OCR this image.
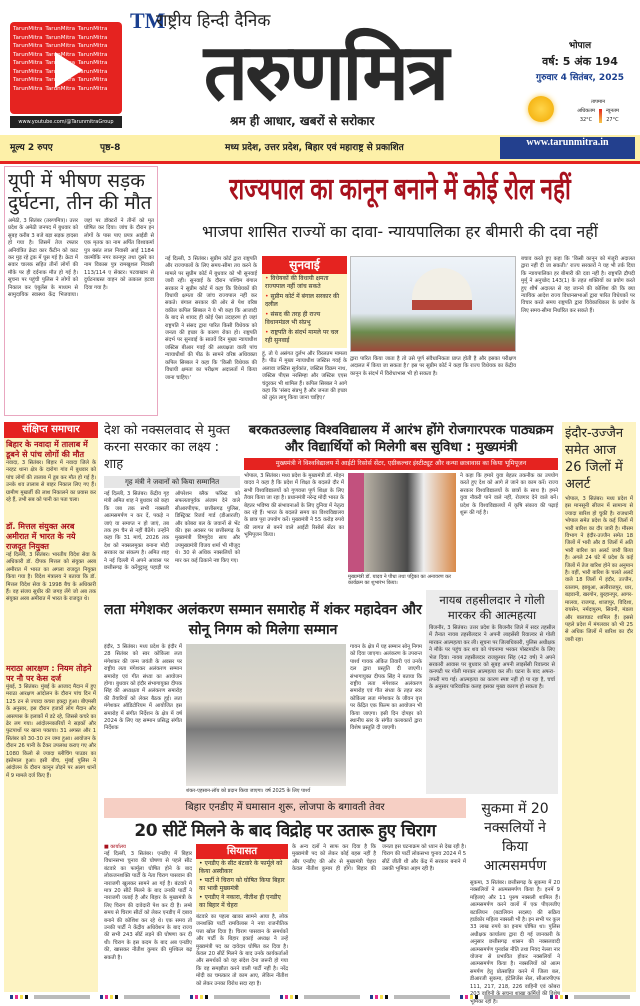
TarunMitra TarunMitra TarunMitra TarunMitra TarunMitra TarunMitra TarunMitra TarunMitra TarunMitra TarunMitra TarunMitra TarunMitra TarunMitra TarunMitra TarunMitra TarunMitra TarunMitra TarunMitra TarunMitra TarunMitra TarunMitra TarunMitra TarunMitra TarunMitra
www.youtube.com/@TarunmitraGroup
TM
राष्ट्रीय हिन्दी दैनिक
तरुणमित्र
श्रम ही आधार, खबरों से सरोकार
भोपाल
वर्ष: 5 अंक 194
गुरुवार 4 सितंबर, 2025
तापमान
अधिकतम
32°C
न्यूनतम
27°C
मूल्य 2 रुपए	पृष्ठ-8	मध्य प्रदेश, उत्तर प्रदेश, बिहार एवं महाराष्ट्र से प्रकाशित	www.tarunmitra.in
यूपी में भीषण सड़क दुर्घटना, तीन की मौत
अमेठी, 3 सितंबर (तरुणमित्र)। उत्तर प्रदेश के अमेठी जनपद में बुधवार को सुबह करीब 3 बजे बड़ा सड़क हादसा हो गया है। जिसमें तेज रफ्तार अनियंत्रित क्रेटा कार कैंटीन को काट कर मुड़ रहे ट्रक में घुस गई है। क्रेटा में सवार चालक सहित तीनों लोगों की मौके पर ही दर्दनाक मौत हो गई है। सूचना पर पहुंची पुलिस ने लोगों को निकाल कर एंबुलेंस के माध्यम से सामुदायिक स्वास्थ्य केंद्र भिजवाया। जहां पर डॉक्टरों ने तीनों को मृत घोषित कर दिया। जांच के दौरान इन लोगों के पास पाए प्रपत्र आईडी से एक मृतक का नाम अर्पित विश्वकर्मा पुत्र बसंत लाल निवासी आई 1184 वाल्मीकि नगर कानपुर तथा दूसरे का नाम विकास पुत्र रामखुशल निवासी 113/114 ए सेक्टर। पटवाखान से दुर्घटनाग्रस्त वाहन को तत्काल हटवा दिया गया है।
राज्यपाल का कानून बनाने में कोई रोल नहीं
भाजपा शासित राज्यों का दावा- न्यायपालिका हर बीमारी की दवा नहीं
नई दिल्ली, 3 सितंबर। सुप्रीम कोर्ट द्वारा राष्ट्रपति और राज्यपालों के लिए समय-सीमा तय करने के मामले पर सुप्रीम कोर्ट में बुधवार को भी सुनवाई जारी रही। सुनवाई के दौरान पश्चिम बंगाल सरकार ने सुप्रीम कोर्ट में कहा कि विधेयकों की विधायी क्षमता की जांच राज्यपाल नहीं कर सकते। बंगाल सरकार की ओर से पेश वरिष्ठ वकील कपिल सिब्बल ने ये भी कहा कि आजादी के बाद से शायद ही कोई ऐसा उदाहरण हो जहां राष्ट्रपति ने संसद द्वारा पारित किसी विधेयक को जनता की इच्छा के कारण रोका हो। राष्ट्रपति संदर्भ पर सुनवाई के सातवें दिन मुख्य न्यायाधीश जस्टिस बीआर गवई की अध्यक्षता वाली पांच न्यायाधीशों की पीठ के सामने वरिष्ठ अधिवक्ता कपिल सिब्बल ने कहा कि 'किसी विधेयक की विधायी क्षमता का परीक्षण अदालतों में किया जाना चाहिए।'
सुनवाई
• विधेयकों की विधायी क्षमता राज्यपाल नहीं जांच सकते
• सुप्रीम कोर्ट में बंगाल सरकार की दलील
• संसद की तरह ही राज्य विधानमंडल भी संप्रभु
• राष्ट्रपति के संदर्भ मामले पर चल रही सुनवाई
हूं, तो ये असंगत दुर्लभ और विरलतम मामला है। पीठ में मुख्य न्यायाधीश जस्टिस गवई के अलावा जस्टिस सूर्यकांत, जस्टिस विक्रम नाथ, जस्टिस पीएस नरसिम्हा और जस्टिस एएस चंदुरकर भी शामिल हैं। कपिल सिब्बल ने आगे कहा कि 'संसद संप्रभु है और जनता की इच्छा को तुरंत लागू किया जाना चाहिए।'
द्वारा पारित किया जाता है तो उसे पूर्ण संवैधानिकता प्राप्त होती है और इसका परीक्षण अदालत में किया जा सकता है।' इस पर सुप्रीम कोर्ट ने कहा कि राज्य विधेयक का केंद्रीय कानून के संदर्भ में विरोधाभास भी हो सकता है।
बचाव करते हुए कहा कि 'किसी कानून को मंजूरी अदालत द्वारा नहीं दी जा सकती।' राज्य सरकारों ने यह भी तर्क दिया कि न्यायपालिका हर बीमारी की दवा नहीं है। राष्ट्रपति द्रौपदी मुर्मू ने अनुच्छेद 143(1) के तहत शक्तियों का प्रयोग करते हुए शीर्ष अदालत से यह जानने की कोशिश की कि क्या न्यायिक आदेश राज्य विधानसभाओं द्वारा पारित विधेयकों पर विचार करते समय राष्ट्रपति द्वारा विवेकाधिकार के प्रयोग के लिए समय-सीमा निर्धारित कर सकते हैं।
संक्षिप्त समाचार
बिहार के नवादा में तालाब में डूबने से पांच लोगों की मौत
नवादा, 3 सितंबर। बिहार में नवादा जिले के नरहट थाना क्षेत्र के दारोगा गांव में बुधवार को पांच लोगों की तालाब में डूब कर मौत हो गई है। उनके शव तालाब से बाहर निकाल लिए गए हैं। ग्रामीण मुखर्जी की लाश निकालने का प्रयास कर रहे हैं, तभी सब को पानी का पता चला।
डॉ. मित्तल संयुक्त अरब अमीरात में भारत के नये राजदूत नियुक्त
नई दिल्ली, 3 सितंबर। भारतीय विदेश सेवा के अधिकारी डॉ. दीपक मित्तल को संयुक्त अरब अमीरात में भारत का अगला राजदूत नियुक्त किया गया है। विदेश मंत्रालय ने बताया कि डॉ. मित्तल विदेश सेवा के 1998 बैच के अधिकारी हैं। वह संजय सुधीर की जगह लेंगे जो अब तक संयुक्त अरब अमीरात में भारत के राजदूत थे।
मराठा आरक्षण : नियम तोड़ने पर नौ पर केस दर्ज
मुंबई, 3 सितंबर। मुंबई के आजाद मैदान में हुए मराठा आरक्षण आंदोलन के दौरान पांच दिन में 125 टन से ज्यादा कचरा इकट्ठा हुआ। बीएमसी के अनुसार, इस दौरान हजारों लोग मैदान और आसपास के इलाकों में डटे रहे, जिससे कचरे का ढेर लग गया। आंदोलनकारियों ने सड़कों और फुटपाथों पर खाना पकाया। 31 अगस्त और 1 सितंबर को 30-30 टन जमा हुआ। आयोजन के दौरान 26 पानी के टैंकर उपलब्ध कराए गए और 1080 किलो से ज्यादा ब्लीचिंग पाउडर का इस्तेमाल हुआ। इसी बीच, मुंबई पुलिस ने आंदोलन के दौरान कानून तोड़ने पर अलग थानों में 9 मामले दर्ज किए हैं।
देश को नक्सलवाद से मुक्त करना सरकार का लक्ष्य : शाह
गृह मंत्री ने जवानों को किया सम्मानित
नई दिल्ली, 3 सितंबर। केंद्रीय गृह मंत्री अमित शाह ने बुधवार को कहा कि जब तक सभी नक्सली आत्मसमर्पण न कर दें, पकड़े न जाएं या समाप्त न हो जाएं, तब तक हम चैन से नहीं बैठेंगे। उन्होंने कहा कि 31 मार्च, 2026 तक देश को नक्सलमुक्त बनाना मोदी सरकार का संकल्प है। अमित शाह ने नई दिल्ली में अपने आवास पर छत्तीसगढ़ के कर्रेगुट्टालु पहाड़ी पर ऑपरेशन ब्लैक फॉरेस्ट को सफलतापूर्वक अंजाम देने वाले सीआरपीएफ, छत्तीसगढ़ पुलिस, डिस्ट्रिक्ट रिजर्व गार्ड (डीआरजी) और कोबरा बल के जवानों से भेंट की। इस अवसर पर छत्तीसगढ़ के मुख्यमंत्री विष्णुदेव साय और उपमुख्यमंत्री विजय शर्मा भी मौजूद थे। 30 से अधिक नक्सलियों को मार कर कई ठिकाने नष्ट किए गए।
बरकतउल्लाह विश्वविद्यालय में आरंभ होंगे रोजगारपरक पाठ्यक्रम और विद्यार्थियों को मिलेगी बस सुविधा : मुख्यमंत्री
मुख्यमंत्री ने विश्वविद्यालय में आईटी रिसोर्स सेंटर, एग्रीकल्चर इंस्टीट्यूट और कन्या छात्रावास का किया भूमिपूजन
भोपाल, 3 सितंबर। मध्य प्रदेश के मुख्यमंत्री डॉ. मोहन यादव ने कहा है कि प्रदेश में शिक्षा के बदलते दौर में सभी विश्वविद्यालयों को गुणवत्ता पूर्ण शिक्षा के लिए तैयार किया जा रहा है। प्रधानमंत्री नरेन्द्र मोदी भारत के बेहतर भविष्य की संभावनाओं के लिए दुनिया में नेतृत्व कर रहे हैं। भारत के बदलते समय का विश्वविद्यालय के छात्र पूरा उपयोग करें। मुख्यमंत्री ने 55 करोड़ रुपये की लागत से बनने वाले आईटी रिसोर्स सेंटर का भूमिपूजन किया।
मुख्यमंत्री डॉ. यादव ने पौधा तथा पट्टिका का अनावरण कर कार्यक्रम का शुभारंभ किया।
ने कहा कि हमारे युवा बेहतर तकनीक का उपयोग करते हुए देश को आगे ले जाने का काम करें। राज्य सरकार विश्वविद्यालयों के छात्रों के साथ है। हमने युवा नौकरी पाने वाले नहीं, रोजगार देने वाले बनें। प्रदेश के विश्वविद्यालयों में कृषि संकाय की पढ़ाई शुरू की गई है।
इंदौर-उज्जैन समेत आज 26 जिलों में अलर्ट
भोपाल, 3 सितंबर। मध्य प्रदेश में इस मानसूनी सीजन में सामान्य से ज्यादा बारिश हो चुकी है। राजधानी भोपाल समेत प्रदेश के कई जिलों में भारी बारिश का दौर जारी है। मौसम विभाग ने इंदौर-उज्जैन समेत 18 जिलों में भारी और 8 जिलों में अति भारी बारिश का अलर्ट जारी किया है। अगले 24 घंटे में प्रदेश के कई जिलों में तेज बारिश होने का अनुमान है। वहीं, भारी बारिश के चलते अलर्ट वाले 18 जिलों में इंदौर, उज्जैन, रतलाम, झाबुआ, अलीराजपुर, धार, बड़वानी, खरगोन, बुरहानपुर, आगर-मालवा, राजगढ़, शाजापुर, विदिशा, रायसेन, नर्मदापुरम, सिवनी, मंडला और बालाघाट शामिल हैं। इससे पहले प्रदेश में मंगलवार को भी 25 से अधिक जिलों में बारिश का दौर जारी रहा।
लता मंगेशकर अलंकरण सम्मान समारोह में शंकर महादेवन और सोनू निगम को मिलेगा सम्मान
इंदौर, 3 सितंबर। मध्य प्रदेश के इंदौर में 28 सितंबर को स्वर कोकिला लता मंगेशकर की जन्म जयंती के अवसर पर राष्ट्रीय लता मंगेशकर अलंकरण सम्मान समारोह एवं गीत संध्या का आयोजन होगा। बुधवार को इंदौर संभागायुक्त दीपक सिंह की अध्यक्षता में अलंकरण समारोह की तैयारियों को लेकर बैठक हुई। लता मंगेशकर ऑडिटोरियम में आयोजित इस समारोह में संगीत निर्देशन के क्षेत्र में वर्ष 2024 के लिए यह सम्मान प्रसिद्ध संगीत निर्देशक
शंकर-एहसान-लॉय को प्रदान किया जाएगा। वर्ष 2025 के लिए पार्श्व
गायन के क्षेत्र में यह सम्मान सोनू निगम को दिया जाएगा। अलंकरण के उपरान्त पार्श्व गायक अंकित तिवारी एवं उनके दल द्वारा प्रस्तुति दी जाएगी। संभागायुक्त दीपक सिंह ने बताया कि राष्ट्रीय लता मंगेशकर अलंकरण समारोह एवं गीत संध्या के तहत स्वर कोकिला लता मंगेशकर के जीवन वृत्त पर केंद्रित एक फ़िल्म का आयोजन भी किया जाएगा। इसी दिन दोपहर को स्थानीय स्तर के संगीत कलाकारों द्वारा विशेष प्रस्तुति दी जाएगी।
नायब तहसीलदार ने गोली मारकर की आत्महत्या
बिजनौर, 3 सितंबर। उत्तर प्रदेश के बिजनौर जिले में सदर तहसील में तैनात नायब तहसीलदार ने अपनी लाइसेंसी रिवाल्वर से गोली मारकर आत्महत्या कर ली। सूचना पर जिलाधिकारी, पुलिस अधीक्षक ने मौके पर पहुंच कर शव को पंचनामा भरकर पोस्टमार्टम के लिए भेज दिया। नायब तहसीलदार राजकुमार सिंह (42 वर्ष) ने अपने सरकारी आवास पर बुधवार को सुबह अपनी लाइसेंसी रिवाल्वर से कनपटी पर गोली मारकर आत्महत्या कर ली। घटना के बाद अफरा-तफरी मच गई। आत्महत्या का कारण स्पष्ट नहीं हो पा रहा है, चर्चा के अनुसार पारिवारिक कलह इसका मुख्य कारण हो सकता है।
बिहार एनडीए में घमासान शुरू, लोजपा के बगावती तेवर
20 सीटें मिलने के बाद विद्रोह पर उतारू हुए चिराग
■ कार्यालय
नई दिल्ली, 3 सितंबर। एनडीए में बिहार विधानसभा चुनाव की घोषणा से पहले सीट बंटवारे का फार्मूला घोषित होने के बाद लोकजनशक्ति पार्टी के नेता चिराग पासवान की नाराजगी खुलकर सामने आ गई है। बंटवारे में मात्र 20 सीटें मिलने के बाद उनकी पार्टी ने नाराजगी जताई है और बिहार के मुख्यमंत्री के लिए चिराग की दावेदारी पेश कर दी है। लम्बे समय से चिराग सीटों को लेकर एनडीए में दबाव बनाने की कोशिश कर रहे थे। एक समय तो उनकी पार्टी ने केंद्रीय अधिवेशन के बाद राज्य की सभी 243 सीटें लड़ने की घोषणा कर दी थी। चिराग के इस कदम के बाद अब एनडीए की, खासकर नीतीश कुमार की मुश्किल बढ़ सकती है।
सियासत
• एनडीए के सीट बंटवारे के फार्मूले को किया अस्वीकार
• पार्टी ने चिराग को घोषित किया बिहार का भावी मुख्यमंत्री
• एनडीए ने नकारा, नीतीश ही एनडीए का बिहार में चेहरा
बंटवारे का पहला खाका सामने आया है, लोक जनशक्ति पार्टी रामविलास ने नया राजनीतिक पत्ता खोल दिया है। चिराग पासवान के समर्थकों और पार्टी के बिहार इकाई अध्यक्ष ने उन्हें मुख्यमंत्री पद का दावेदार घोषित कर दिया है। केवल 20 सीटें मिलने के बाद उनके कार्यकर्ताओं और समर्थकों को यह संदेश देना जरूरी हो गया कि वह समझौता करने वाली पार्टी नहीं है। नरेंद्र मोदी का चमत्कार तो काम आए, लेकिन नीतीश को लेकर उनका विरोध सदा रहा है।
के अन्य दलों ने साफ कर दिया है कि मुख्यमंत्री पद को लेकर कोई बहस नहीं है और एनडीए की ओर से मुख्यमंत्री चेहरा केवल नीतीश कुमार ही होंगे। बिहार की जनता इस घटनाक्रम को ध्यान से देख रही है। चिराग की पार्टी लोकसभा चुनाव 2024 में 5 सीटें जीती थी और केंद्र में सरकार बनाने में उसकी भूमिका अहम रही है।
सुकमा में 20 नक्सलियों ने किया आत्मसमर्पण
सुकमा, 3 सितंबर। छत्तीसगढ़ के सुकमा में 20 नक्सलियों ने आत्मसमर्पण किया है। इनमें 9 महिलाएं और 11 पुरुष नक्सली शामिल हैं। आत्मसमर्पण करने वालों में एक पीएलजीए बटालियन (बटालियन सदस्य) की सक्रिय हार्डकोर महिला नक्सली भी है। इन सभी पर कुल 33 लाख रुपये का इनाम घोषित था। पुलिस अधीक्षक कार्यालय द्वारा दी गई जानकारी के अनुसार छत्तीसगढ़ शासन की नक्सलवादी आत्मसमर्पण पुनर्वास नीति तथा नियद नेल्ला नार योजना से प्रभावित होकर नक्सलियों ने आत्मसमर्पण किया है। नक्सलियों को आत्म समर्पण हेतु प्रोत्साहित करने में जिला बल, डीआरजी सुकमा, इंटेलिजेंस सेल, सीआरपीएफ 111, 217, 218, 226 वाहिनी एवं कोबरा भूमिका रही है।
